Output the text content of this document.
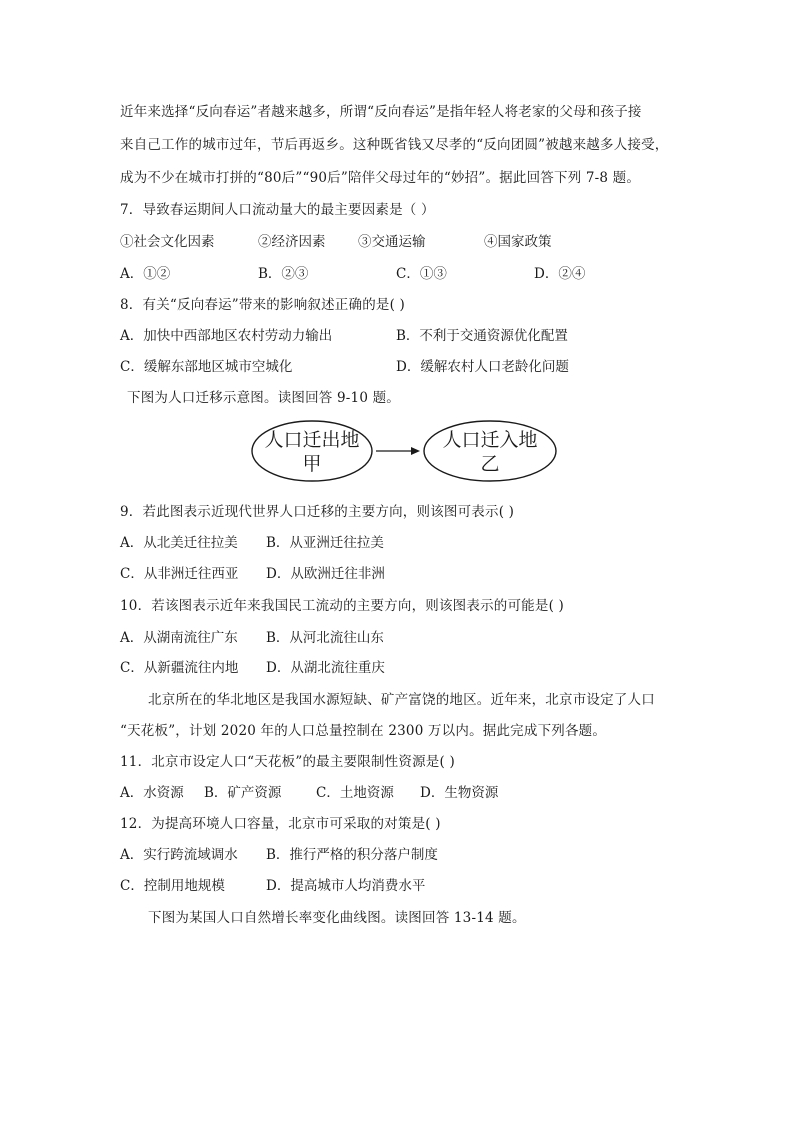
近年来选择“反向春运”者越来越多，所谓“反向春运”是指年轻人将老家的父母和孩子接
来自己工作的城市过年，节后再返乡。这种既省钱又尽孝的“反向团圆”被越来越多人接受，
成为不少在城市打拼的“80后”“90后”陪伴父母过年的“妙招”。据此回答下列 7-8 题。
7．导致春运期间人口流动量大的最主要因素是（ ）
①社会文化因素	②经济因素 ③交通运输	④国家政策
A．①②	B．②③	C．①③	D．②④
8．有关“反向春运”带来的影响叙述正确的是( )
A．加快中西部地区农村劳动力输出	B．不利于交通资源优化配置
C．缓解东部地区城市空城化	D．缓解农村人口老龄化问题
下图为人口迁移示意图。读图回答 9-10 题。
人口迁出地
甲
人口迁入地
乙
9．若此图表示近现代世界人口迁移的主要方向，则该图可表示( )
A．从北美迁往拉美 B．从亚洲迁往拉美
C．从非洲迁往西亚 D．从欧洲迁往非洲
10．若该图表示近年来我国民工流动的主要方向，则该图表示的可能是( )
A．从湖南流往广东 B．从河北流往山东
C．从新疆流往内地 D．从湖北流往重庆
北京所在的华北地区是我国水源短缺、矿产富饶的地区。近年来，北京市设定了人口
“天花板”，计划 2020 年的人口总量控制在 2300 万以内。据此完成下列各题。
11．北京市设定人口“天花板”的最主要限制性资源是( )
A．水资源 B．矿产资源	C．土地资源 D．生物资源
12．为提高环境人口容量，北京市可采取的对策是( )
A．实行跨流域调水 B．推行严格的积分落户制度
C．控制用地规模	D．提高城市人均消费水平
下图为某国人口自然增长率变化曲线图。读图回答 13-14 题。
